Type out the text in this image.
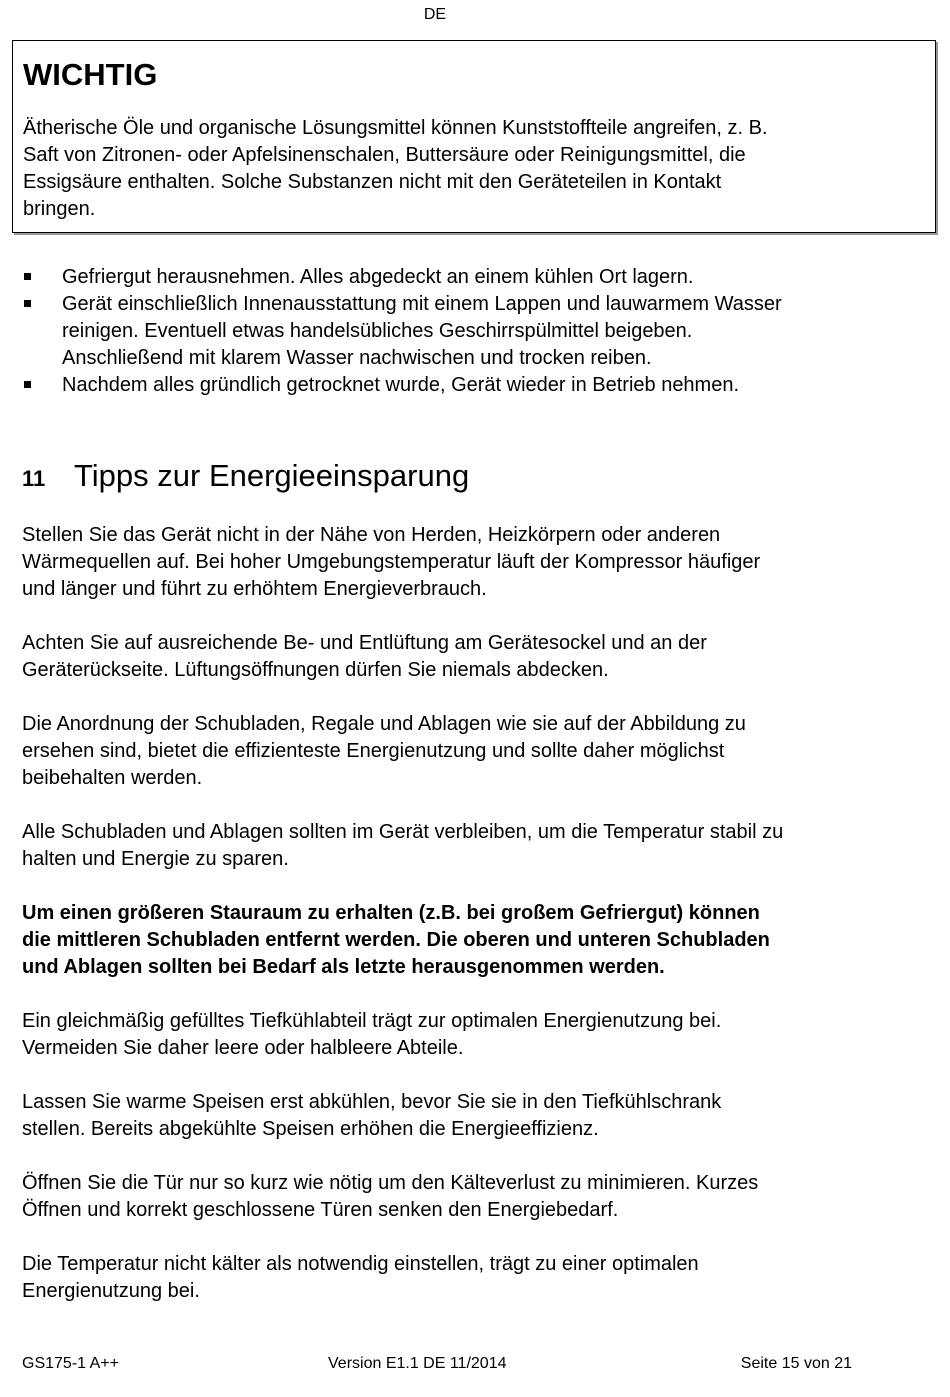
DE
WICHTIG
Ätherische Öle und organische Lösungsmittel können Kunststoffteile angreifen, z. B.
Saft von Zitronen- oder Apfelsinenschalen, Buttersäure oder Reinigungsmittel, die
Essigsäure enthalten. Solche Substanzen nicht mit den Geräteteilen in Kontakt
bringen.
Gefriergut herausnehmen. Alles abgedeckt an einem kühlen Ort lagern.
Gerät einschließlich Innenausstattung mit einem Lappen und lauwarmem Wasser
reinigen. Eventuell etwas handelsübliches Geschirrspülmittel beigeben.
Anschließend mit klarem Wasser nachwischen und trocken reiben.
Nachdem alles gründlich getrocknet wurde, Gerät wieder in Betrieb nehmen.
11 Tipps zur Energieeinsparung
Stellen Sie das Gerät nicht in der Nähe von Herden, Heizkörpern oder anderen
Wärmequellen auf. Bei hoher Umgebungstemperatur läuft der Kompressor häufiger
und länger und führt zu erhöhtem Energieverbrauch.
Achten Sie auf ausreichende Be- und Entlüftung am Gerätesockel und an der
Geräterückseite. Lüftungsöffnungen dürfen Sie niemals abdecken.
Die Anordnung der Schubladen, Regale und Ablagen wie sie auf der Abbildung zu
ersehen sind, bietet die effizienteste Energienutzung und sollte daher möglichst
beibehalten werden.
Alle Schubladen und Ablagen sollten im Gerät verbleiben, um die Temperatur stabil zu
halten und Energie zu sparen.
Um einen größeren Stauraum zu erhalten (z.B. bei großem Gefriergut) können
die mittleren Schubladen entfernt werden. Die oberen und unteren Schubladen
und Ablagen sollten bei Bedarf als letzte herausgenommen werden.
Ein gleichmäßig gefülltes Tiefkühlabteil trägt zur optimalen Energienutzung bei.
Vermeiden Sie daher leere oder halbleere Abteile.
Lassen Sie warme Speisen erst abkühlen, bevor Sie sie in den Tiefkühlschrank
stellen. Bereits abgekühlte Speisen erhöhen die Energieeffizienz.
Öffnen Sie die Tür nur so kurz wie nötig um den Kälteverlust zu minimieren. Kurzes
Öffnen und korrekt geschlossene Türen senken den Energiebedarf.
Die Temperatur nicht kälter als notwendig einstellen, trägt zu einer optimalen
Energienutzung bei.
GS175-1 A++	Version E1.1 DE 11/2014	Seite 15 von 21
